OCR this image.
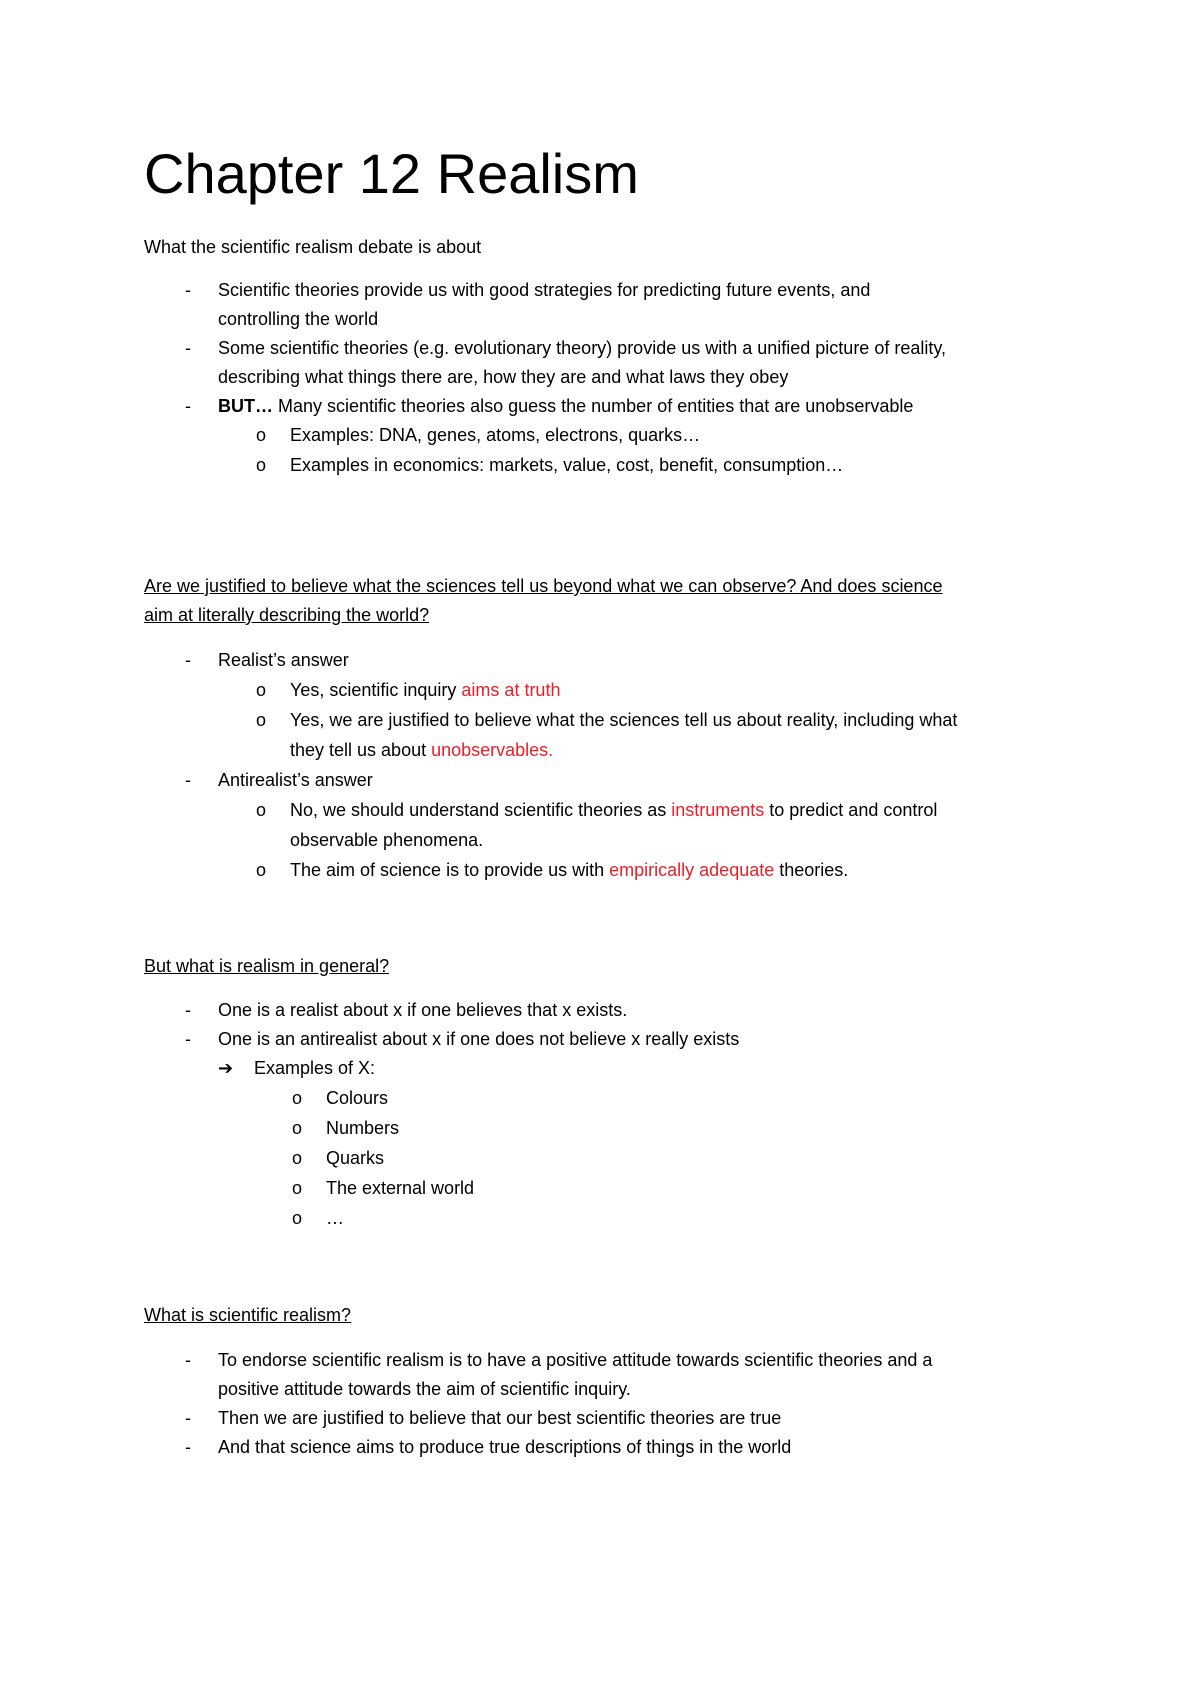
Chapter 12 Realism

What the scientific realism debate is about

- Scientific theories provide us with good strategies for predicting future events, and
controlling the world
- Some scientific theories (e.g. evolutionary theory) provide us with a unified picture of reality,
describing what things there are, how they are and what laws they obey
- BUT… Many scientific theories also guess the number of entities that are unobservable
o Examples: DNA, genes, atoms, electrons, quarks…
o Examples in economics: markets, value, cost, benefit, consumption…
Are we justified to believe what the sciences tell us beyond what we can observe? And does science
aim at literally describing the world?
- Realist’s answer
o Yes, scientific inquiry aims at truth
o Yes, we are justified to believe what the sciences tell us about reality, including what
they tell us about unobservables.
- Antirealist’s answer
o No, we should understand scientific theories as instruments to predict and control
observable phenomena.
o The aim of science is to provide us with empirically adequate theories.
But what is realism in general?
- One is a realist about x if one believes that x exists.
- One is an antirealist about x if one does not believe x really exists
➔ Examples of X:
o Colours
o Numbers
o Quarks
o The external world
o …
What is scientific realism?
- To endorse scientific realism is to have a positive attitude towards scientific theories and a
positive attitude towards the aim of scientific inquiry.
- Then we are justified to believe that our best scientific theories are true
- And that science aims to produce true descriptions of things in the world
